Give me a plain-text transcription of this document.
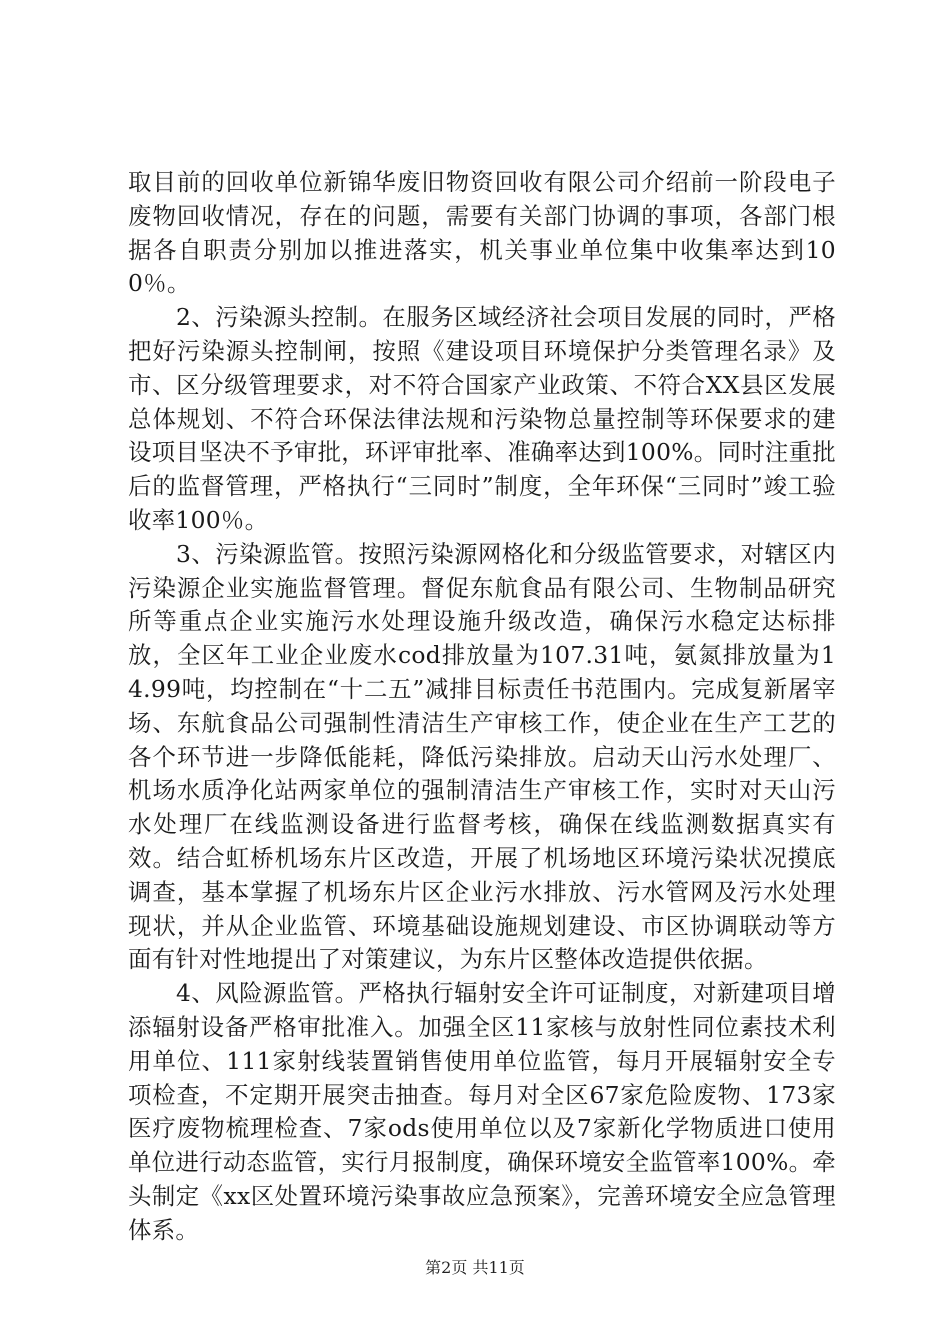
取目前的回收单位新锦华废旧物资回收有限公司介绍前一阶段电子废物回收情况，存在的问题，需要有关部门协调的事项，各部门根据各自职责分别加以推进落实，机关事业单位集中收集率达到100％。

2、污染源头控制。在服务区域经济社会项目发展的同时，严格把好污染源头控制闸，按照《建设项目环境保护分类管理名录》及市、区分级管理要求，对不符合国家产业政策、不符合XX县区发展总体规划、不符合环保法律法规和污染物总量控制等环保要求的建设项目坚决不予审批，环评审批率、准确率达到100%。同时注重批后的监督管理，严格执行“三同时”制度，全年环保“三同时”竣工验收率100％。

3、污染源监管。按照污染源网格化和分级监管要求，对辖区内污染源企业实施监督管理。督促东航食品有限公司、生物制品研究所等重点企业实施污水处理设施升级改造，确保污水稳定达标排放，全区年工业企业废水cod排放量为107.31吨，氨氮排放量为14.99吨，均控制在“十二五”减排目标责任书范围内。完成复新屠宰场、东航食品公司强制性清洁生产审核工作，使企业在生产工艺的各个环节进一步降低能耗，降低污染排放。启动天山污水处理厂、机场水质净化站两家单位的强制清洁生产审核工作，实时对天山污水处理厂在线监测设备进行监督考核，确保在线监测数据真实有效。结合虹桥机场东片区改造，开展了机场地区环境污染状况摸底调查，基本掌握了机场东片区企业污水排放、污水管网及污水处理现状，并从企业监管、环境基础设施规划建设、市区协调联动等方面有针对性地提出了对策建议，为东片区整体改造提供依据。

4、风险源监管。严格执行辐射安全许可证制度，对新建项目增添辐射设备严格审批准入。加强全区11家核与放射性同位素技术利用单位、111家射线装置销售使用单位监管，每月开展辐射安全专项检查，不定期开展突击抽查。每月对全区67家危险废物、173家医疗废物梳理检查、7家ods使用单位以及7家新化学物质进口使用单位进行动态监管，实行月报制度，确保环境安全监管率100%。牵头制定《xx区处置环境污染事故应急预案》，完善环境安全应急管理体系。

第2页 共11页
